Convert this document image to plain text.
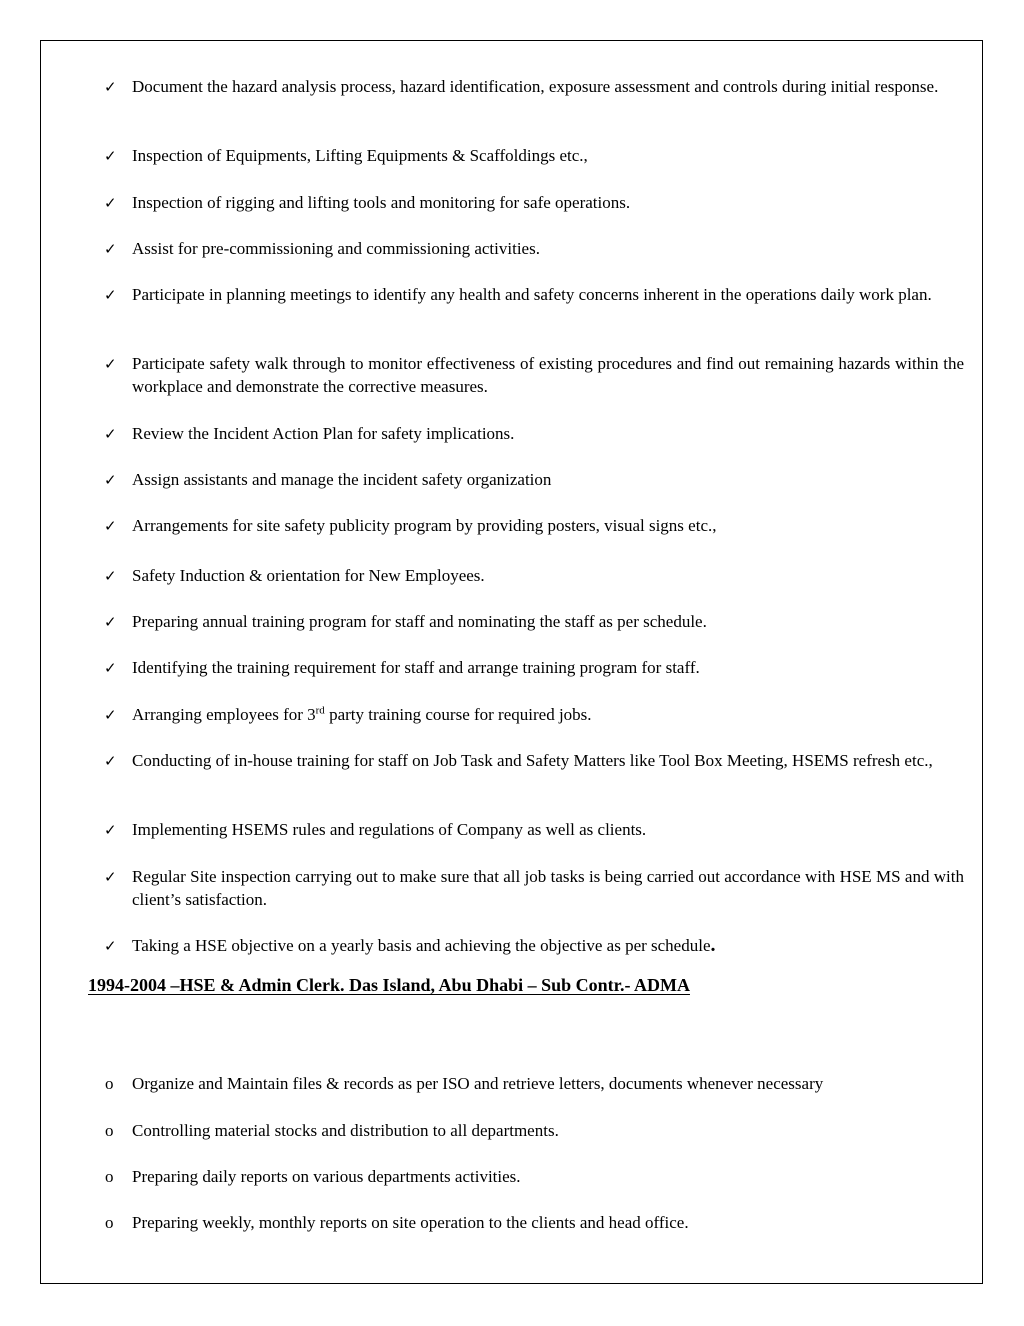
✓ Document the hazard analysis process, hazard identification, exposure assessment and controls during initial response.
✓ Inspection of Equipments, Lifting Equipments & Scaffoldings etc.,
✓ Inspection of rigging and lifting tools and monitoring for safe operations.
✓ Assist for pre-commissioning and commissioning activities.
✓ Participate in planning meetings to identify any health and safety concerns inherent in the operations daily work plan.
✓ Participate safety walk through to monitor effectiveness of existing procedures and find out remaining hazards within the workplace and demonstrate the corrective measures.
✓ Review the Incident Action Plan for safety implications.
✓ Assign assistants and manage the incident safety organization
✓ Arrangements for site safety publicity program by providing posters, visual signs etc.,
✓ Safety Induction & orientation for New Employees.
✓ Preparing annual training program for staff and nominating the staff as per schedule.
✓ Identifying the training requirement for staff and arrange training program for staff.
✓ Arranging employees for 3rd party training course for required jobs.
✓ Conducting of in-house training for staff on Job Task and Safety Matters like Tool Box Meeting, HSEMS refresh etc.,
✓ Implementing HSEMS rules and regulations of Company as well as clients.
✓ Regular Site inspection carrying out to make sure that all job tasks is being carried out accordance with HSE MS and with client’s satisfaction.
✓ Taking a HSE objective on a yearly basis and achieving the objective as per schedule.
1994-2004 –HSE & Admin Clerk. Das Island, Abu Dhabi – Sub Contr.- ADMA
o	Organize and Maintain files & records as per ISO and retrieve letters, documents whenever necessary
o	Controlling material stocks and distribution to all departments.
o	Preparing daily reports on various departments activities.
o	Preparing weekly, monthly reports on site operation to the clients and head office.
